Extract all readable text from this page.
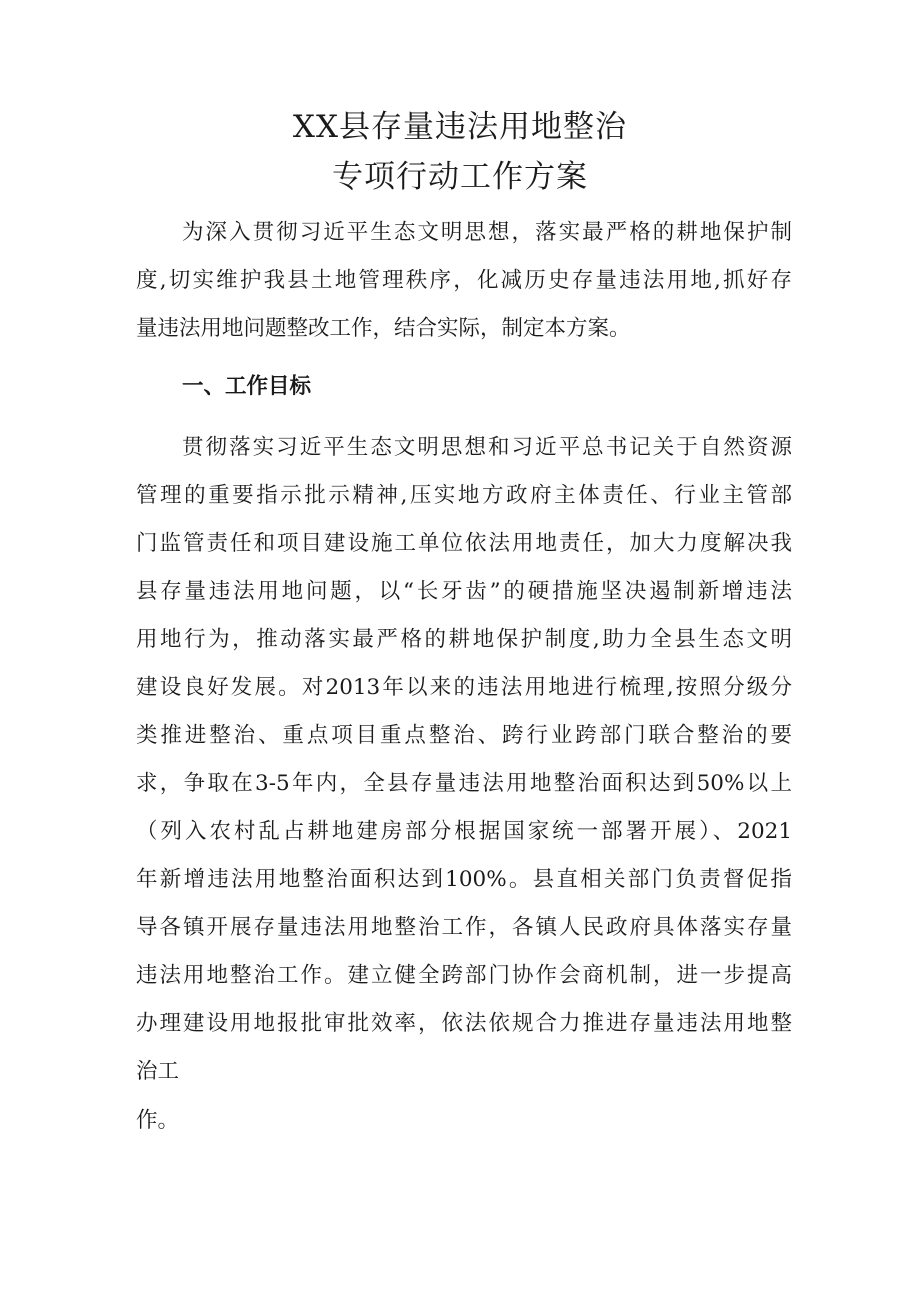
XX县存量违法用地整治
专项行动工作方案

为深入贯彻习近平生态文明思想，落实最严格的耕地保护制

度,切实维护我县土地管理秩序，化减历史存量违法用地,抓好存

量违法用地问题整改工作，结合实际，制定本方案。

一、工作目标

贯彻落实习近平生态文明思想和习近平总书记关于自然资源

管理的重要指示批示精神,压实地方政府主体责任、行业主管部

门监管责任和项目建设施工单位依法用地责任，加大力度解决我

县存量违法用地问题，以“长牙齿”的硬措施坚决遏制新增违法

用地行为，推动落实最严格的耕地保护制度,助力全县生态文明

建设良好发展。对2013年以来的违法用地进行梳理,按照分级分

类推进整治、重点项目重点整治、跨行业跨部门联合整治的要

求，争取在3-5年内，全县存量违法用地整治面积达到50%以上

（列入农村乱占耕地建房部分根据国家统一部署开展）、2021

年新增违法用地整治面积达到100%。县直相关部门负责督促指

导各镇开展存量违法用地整治工作，各镇人民政府具体落实存量

违法用地整治工作。建立健全跨部门协作会商机制，进一步提高

办理建设用地报批审批效率，依法依规合力推进存量违法用地整

治工

作。
